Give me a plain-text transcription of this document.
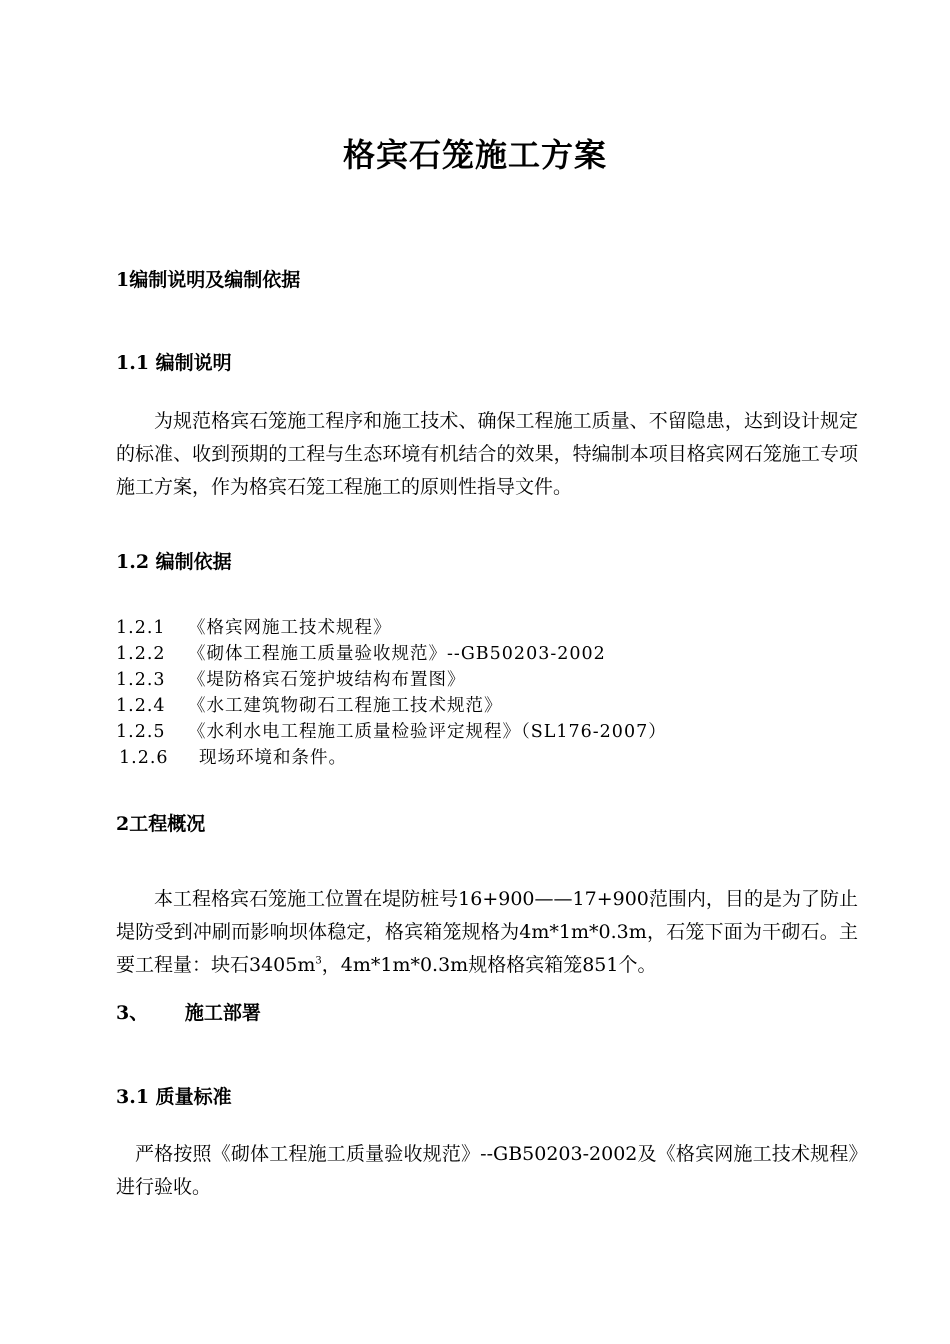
格宾石笼施工方案
1编制说明及编制依据
1.1 编制说明
为规范格宾石笼施工程序和施工技术、确保工程施工质量、不留隐患，达到设计规定的标准、收到预期的工程与生态环境有机结合的效果，特编制本项目格宾网石笼施工专项施工方案，作为格宾石笼工程施工的原则性指导文件。
1.2 编制依据
1.2.1 《格宾网施工技术规程》
1.2.2 《砌体工程施工质量验收规范》--GB50203-2002
1.2.3 《堤防格宾石笼护坡结构布置图》
1.2.4 《水工建筑物砌石工程施工技术规范》
1.2.5 《水利水电工程施工质量检验评定规程》（SL176-2007）
1.2.6 现场环境和条件。
2工程概况
本工程格宾石笼施工位置在堤防桩号16+900——17+900范围内，目的是为了防止堤防受到冲刷而影响坝体稳定，格宾箱笼规格为4m*1m*0.3m，石笼下面为干砌石。主要工程量：块石$3405m^3$，4m*1m*0.3m规格格宾箱笼851个。
3、 施工部署
3.1 质量标准
严格按照《砌体工程施工质量验收规范》--GB50203-2002及《格宾网施工技术规程》进行验收。
